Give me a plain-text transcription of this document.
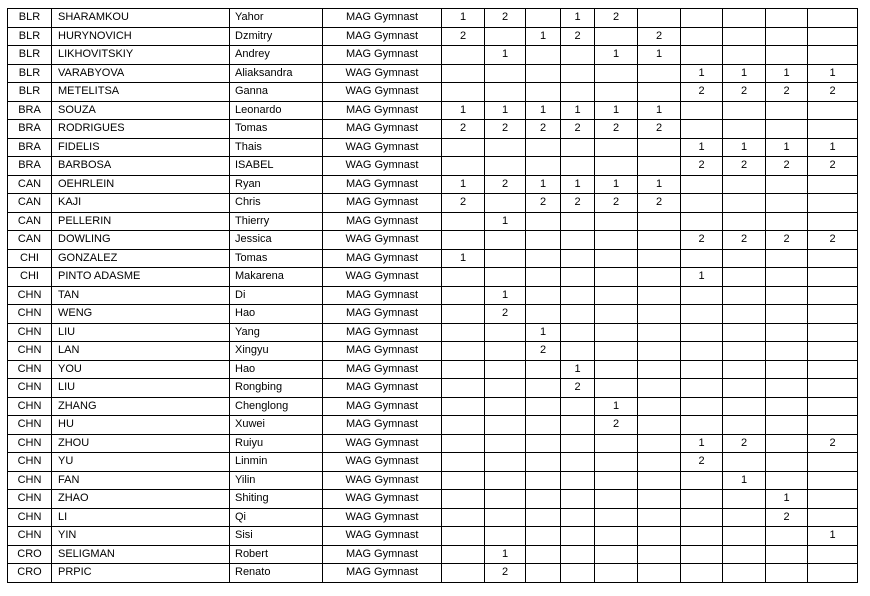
BLR	SHARAMKOU	Yahor	MAG Gymnast	1	2		1	2					
BLR	HURYNOVICH	Dzmitry	MAG Gymnast	2		1	2		2				
BLR	LIKHOVITSKIY	Andrey	MAG Gymnast		1			1	1				
BLR	VARABYOVA	Aliaksandra	WAG Gymnast							1	1	1	1
BLR	METELITSA	Ganna	WAG Gymnast							2	2	2	2
BRA	SOUZA	Leonardo	MAG Gymnast	1	1	1	1	1	1				
BRA	RODRIGUES	Tomas	MAG Gymnast	2	2	2	2	2	2				
BRA	FIDELIS	Thais	WAG Gymnast							1	1	1	1
BRA	BARBOSA	ISABEL	WAG Gymnast							2	2	2	2
CAN	OEHRLEIN	Ryan	MAG Gymnast	1	2	1	1	1	1				
CAN	KAJI	Chris	MAG Gymnast	2		2	2	2	2				
CAN	PELLERIN	Thierry	MAG Gymnast		1								
CAN	DOWLING	Jessica	WAG Gymnast							2	2	2	2
CHI	GONZALEZ	Tomas	MAG Gymnast	1									
CHI	PINTO ADASME	Makarena	WAG Gymnast							1			
CHN	TAN	Di	MAG Gymnast		1								
CHN	WENG	Hao	MAG Gymnast		2								
CHN	LIU	Yang	MAG Gymnast			1							
CHN	LAN	Xingyu	MAG Gymnast			2							
CHN	YOU	Hao	MAG Gymnast				1						
CHN	LIU	Rongbing	MAG Gymnast				2						
CHN	ZHANG	Chenglong	MAG Gymnast					1					
CHN	HU	Xuwei	MAG Gymnast					2					
CHN	ZHOU	Ruiyu	WAG Gymnast							1	2		2
CHN	YU	Linmin	WAG Gymnast							2			
CHN	FAN	Yilin	WAG Gymnast								1		
CHN	ZHAO	Shiting	WAG Gymnast									1	
CHN	LI	Qi	WAG Gymnast									2	
CHN	YIN	Sisi	WAG Gymnast										1
CRO	SELIGMAN	Robert	MAG Gymnast		1								
CRO	PRPIC	Renato	MAG Gymnast		2								
